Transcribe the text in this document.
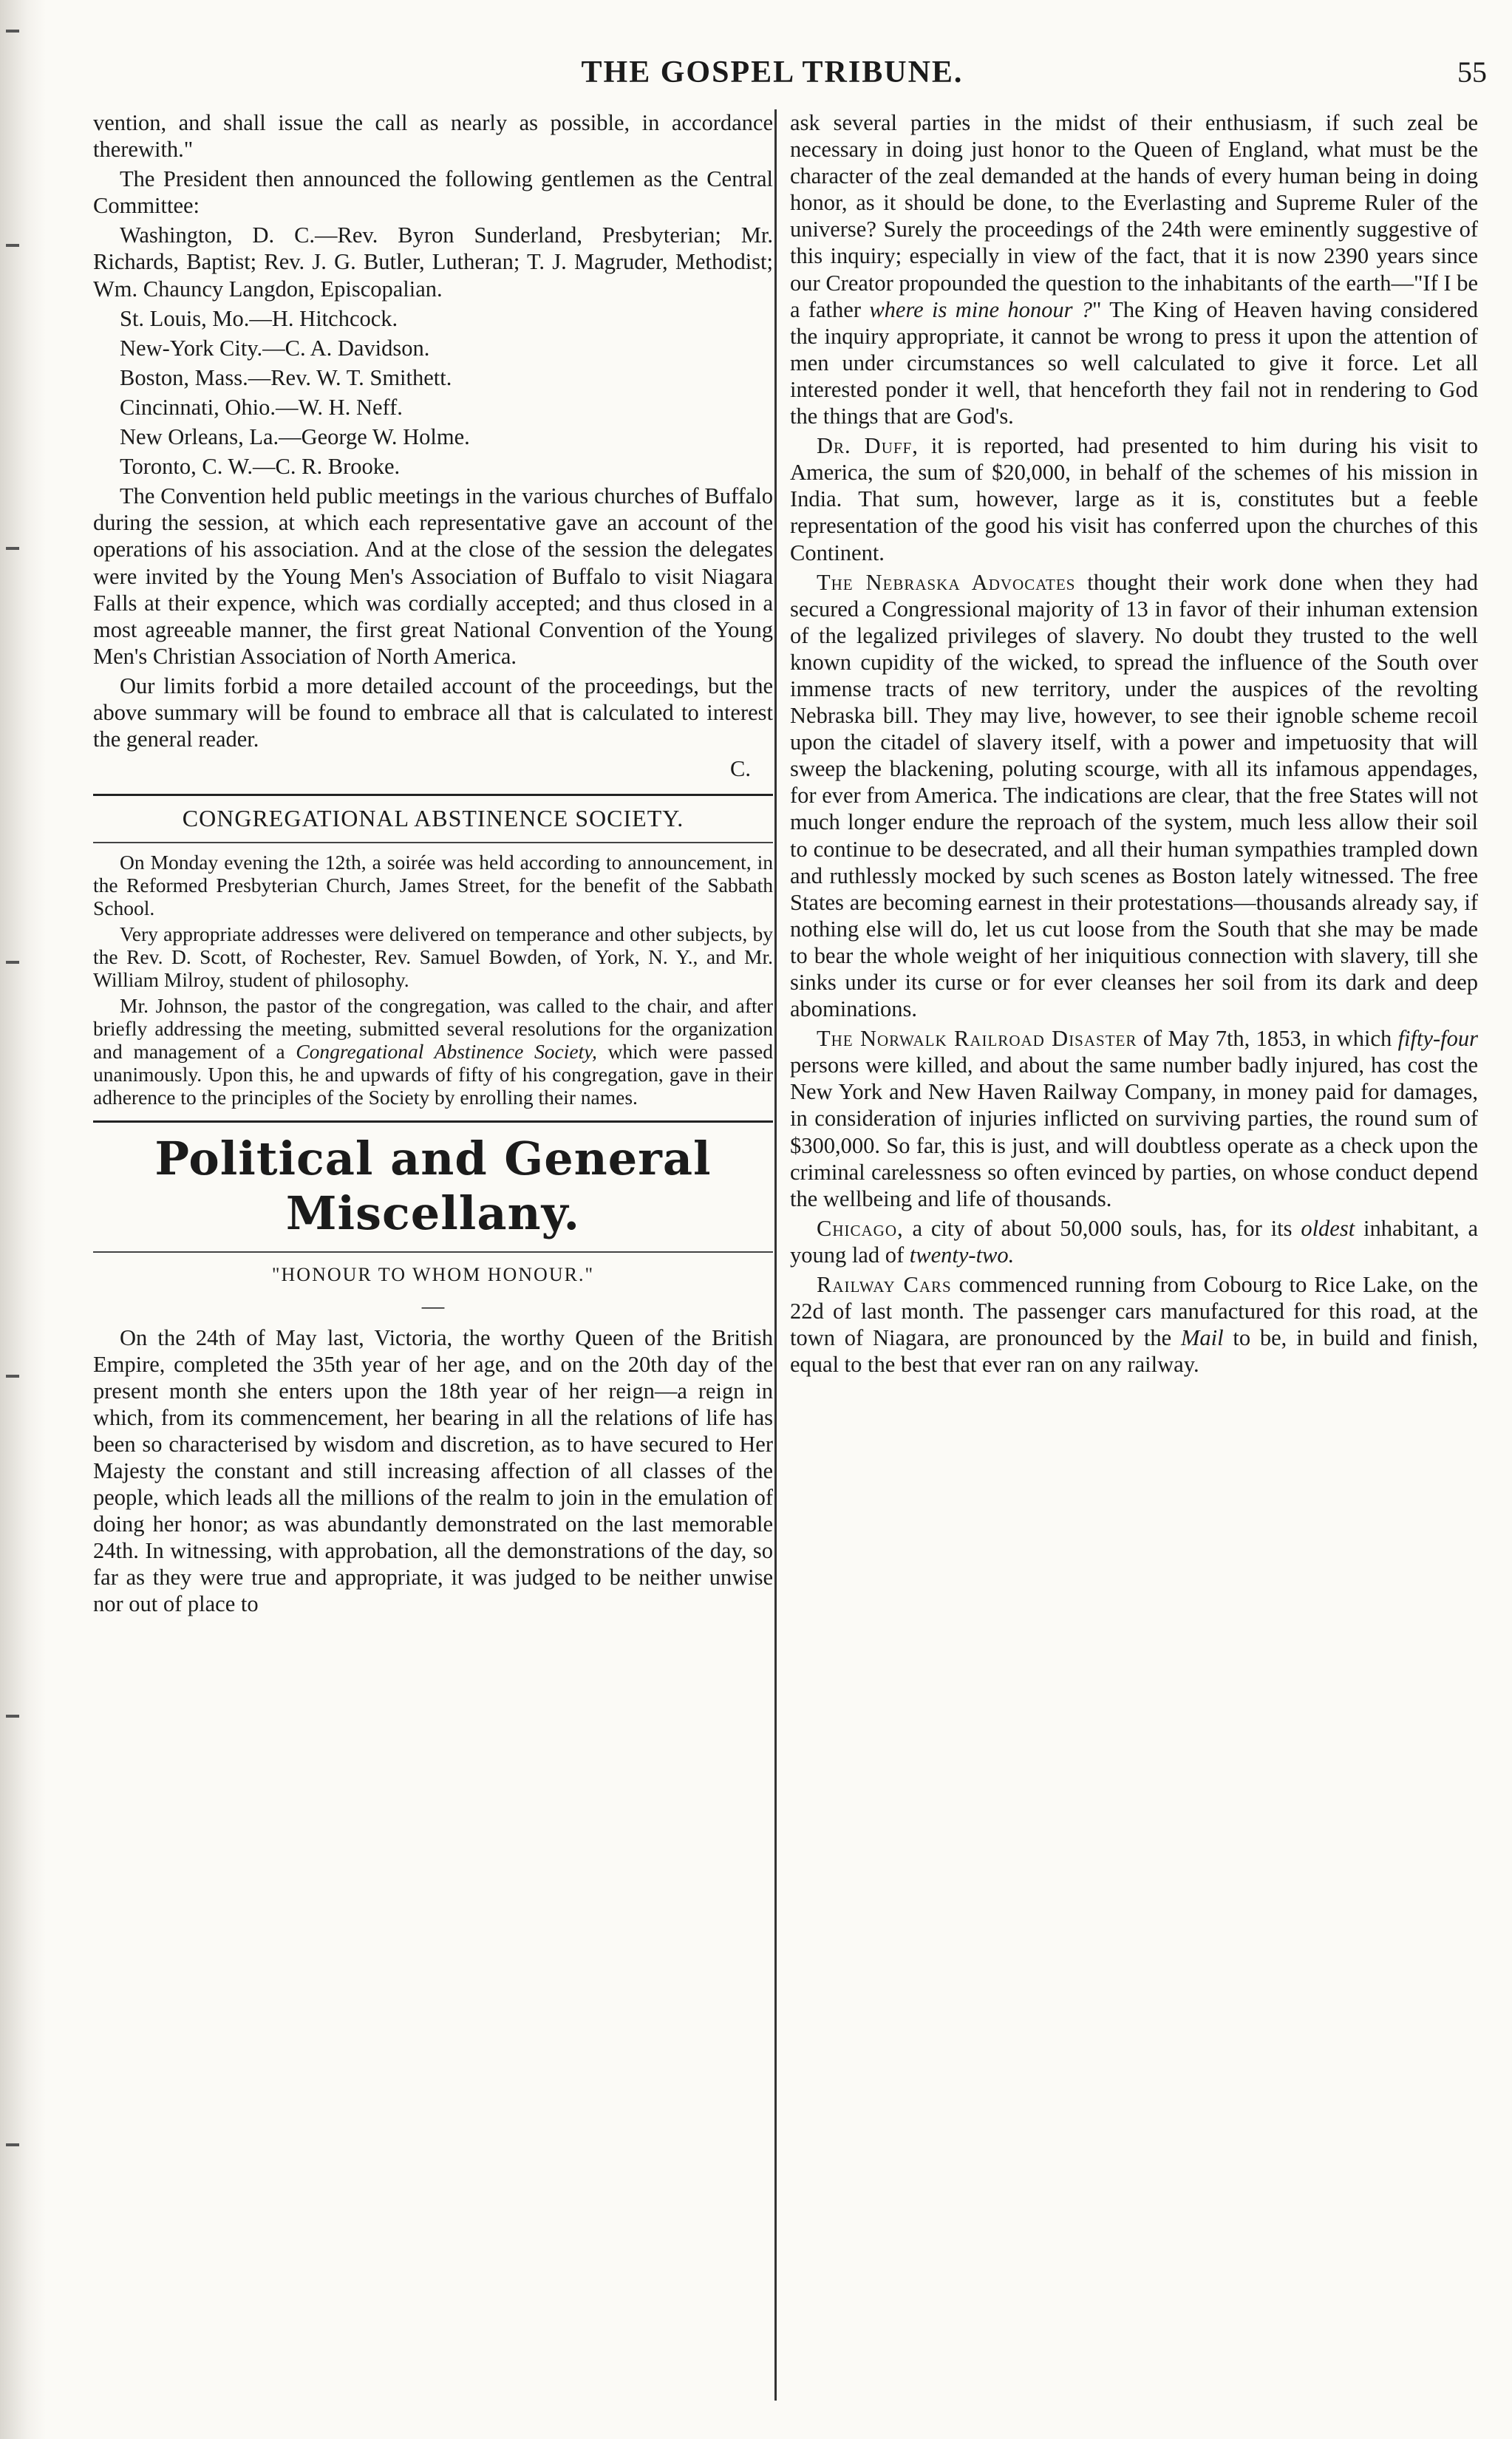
THE GOSPEL TRIBUNE.	55

vention, and shall issue the call as nearly as possible, in accordance therewith."

The President then announced the following gentlemen as the Central Committee:

Washington, D. C.—Rev. Byron Sunderland, Presbyterian; Mr. Richards, Baptist; Rev. J. G. Butler, Lutheran; T. J. Magruder, Methodist; Wm. Chauncy Langdon, Episcopalian.

St. Louis, Mo.—H. Hitchcock.

New-York City.—C. A. Davidson.

Boston, Mass.—Rev. W. T. Smithett.

Cincinnati, Ohio.—W. H. Neff.

New Orleans, La.—George W. Holme.

Toronto, C. W.—C. R. Brooke.

The Convention held public meetings in the various churches of Buffalo during the session, at which each representative gave an account of the operations of his association. And at the close of the session the delegates were invited by the Young Men's Association of Buffalo to visit Niagara Falls at their expence, which was cordially accepted; and thus closed in a most agreeable manner, the first great National Convention of the Young Men's Christian Association of North America.

Our limits forbid a more detailed account of the proceedings, but the above summary will be found to embrace all that is calculated to interest the general reader.

C.

CONGREGATIONAL ABSTINENCE SOCIETY.

On Monday evening the 12th, a soirée was held according to announcement, in the Reformed Presbyterian Church, James Street, for the benefit of the Sabbath School.

Very appropriate addresses were delivered on temperance and other subjects, by the Rev. D. Scott, of Rochester, Rev. Samuel Bowden, of York, N. Y., and Mr. William Milroy, student of philosophy.

Mr. Johnson, the pastor of the congregation, was called to the chair, and after briefly addressing the meeting, submitted several resolutions for the organization and management of a Congregational Abstinence Society, which were passed unanimously. Upon this, he and upwards of fifty of his congregation, gave in their adherence to the principles of the Society by enrolling their names.

Political and General Miscellany.
"HONOUR TO WHOM HONOUR."
—

On the 24th of May last, Victoria, the worthy Queen of the British Empire, completed the 35th year of her age, and on the 20th day of the present month she enters upon the 18th year of her reign—a reign in which, from its commencement, her bearing in all the relations of life has been so characterised by wisdom and discretion, as to have secured to Her Majesty the constant and still increasing affection of all classes of the people, which leads all the millions of the realm to join in the emulation of doing her honor; as was abundantly demonstrated on the last memorable 24th. In witnessing, with approbation, all the demonstrations of the day, so far as they were true and appropriate, it was judged to be neither unwise nor out of place to

ask several parties in the midst of their enthusiasm, if such zeal be necessary in doing just honor to the Queen of England, what must be the character of the zeal demanded at the hands of every human being in doing honor, as it should be done, to the Everlasting and Supreme Ruler of the universe? Surely the proceedings of the 24th were eminently suggestive of this inquiry; especially in view of the fact, that it is now 2390 years since our Creator propounded the question to the inhabitants of the earth—"If I be a father where is mine honour ?" The King of Heaven having considered the inquiry appropriate, it cannot be wrong to press it upon the attention of men under circumstances so well calculated to give it force. Let all interested ponder it well, that henceforth they fail not in rendering to God the things that are God's.

Dr. Duff, it is reported, had presented to him during his visit to America, the sum of $20,000, in behalf of the schemes of his mission in India. That sum, however, large as it is, constitutes but a feeble representation of the good his visit has conferred upon the churches of this Continent.

The Nebraska Advocates thought their work done when they had secured a Congressional majority of 13 in favor of their inhuman extension of the legalized privileges of slavery. No doubt they trusted to the well known cupidity of the wicked, to spread the influence of the South over immense tracts of new territory, under the auspices of the revolting Nebraska bill. They may live, however, to see their ignoble scheme recoil upon the citadel of slavery itself, with a power and impetuosity that will sweep the blackening, poluting scourge, with all its infamous appendages, for ever from America. The indications are clear, that the free States will not much longer endure the reproach of the system, much less allow their soil to continue to be desecrated, and all their human sympathies trampled down and ruthlessly mocked by such scenes as Boston lately witnessed. The free States are becoming earnest in their protestations—thousands already say, if nothing else will do, let us cut loose from the South that she may be made to bear the whole weight of her iniquitious connection with slavery, till she sinks under its curse or for ever cleanses her soil from its dark and deep abominations.

The Norwalk Railroad Disaster of May 7th, 1853, in which fifty-four persons were killed, and about the same number badly injured, has cost the New York and New Haven Railway Company, in money paid for damages, in consideration of injuries inflicted on surviving parties, the round sum of $300,000. So far, this is just, and will doubtless operate as a check upon the criminal carelessness so often evinced by parties, on whose conduct depend the wellbeing and life of thousands.

Chicago, a city of about 50,000 souls, has, for its oldest inhabitant, a young lad of twenty-two.

Railway Cars commenced running from Cobourg to Rice Lake, on the 22d of last month. The passenger cars manufactured for this road, at the town of Niagara, are pronounced by the Mail to be, in build and finish, equal to the best that ever ran on any railway.
